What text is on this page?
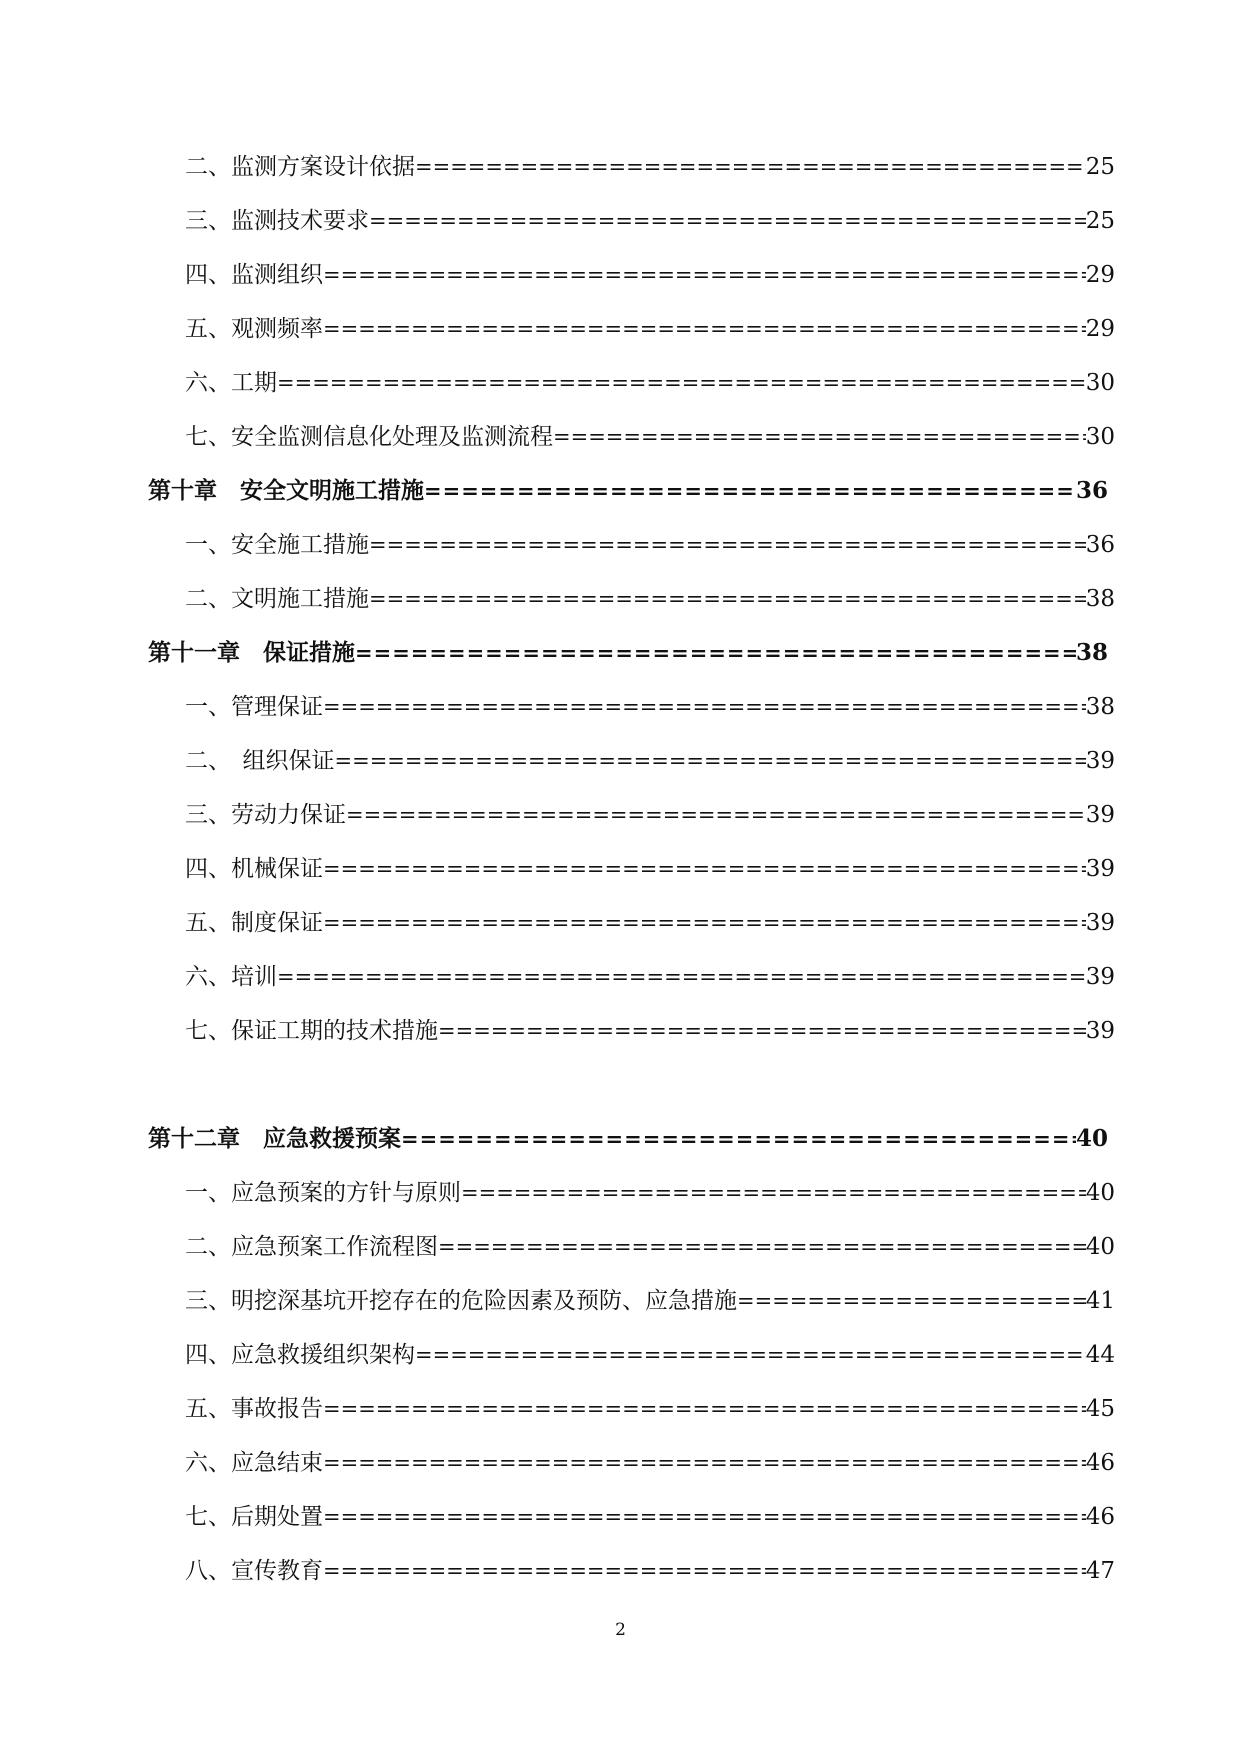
二、监测方案设计依据 =====	25
三、监测技术要求 =====	25
四、监测组织 =====	29
五、观测频率 =====	29
六、工期 =====	30
七、安全监测信息化处理及监测流程 =====	30
第十章　安全文明施工措施 =====	36
一、安全施工措施 =====	36
二、文明施工措施 =====	38
第十一章　保证措施 =====	38
一、管理保证 =====	38
二、　组织保证 =====	39
三、劳动力保证 =====	39
四、机械保证 =====	39
五、制度保证 =====	39
六、培训 =====	39
七、保证工期的技术措施 =====	39
第十二章　应急救援预案 =====	40
一、应急预案的方针与原则 =====	40
二、应急预案工作流程图 =====	40
三、明挖深基坑开挖存在的危险因素及预防、应急措施 =====	41
四、应急救援组织架构 =====	44
五、事故报告 =====	45
六、应急结束 =====	46
七、后期处置 =====	46
八、宣传教育 =====	47
2
